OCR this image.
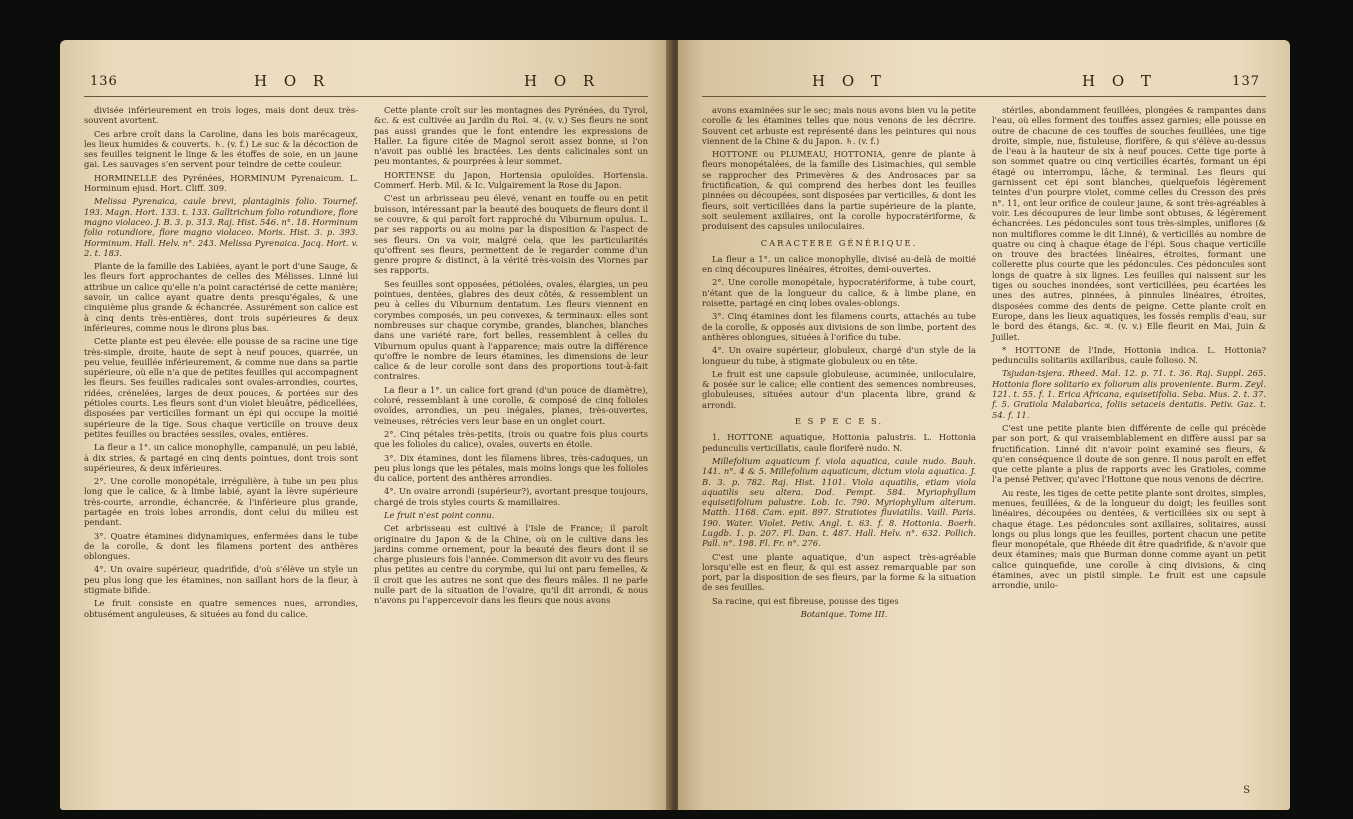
136	H O R	H O R

divisée inférieurement en trois loges, mais dont deux très-souvent avortent.

Ces arbre croît dans la Caroline, dans les bois marécageux, les lieux humides & couverts. ♄. (v. f.) Le suc & la décoction de ses feuilles teignent le linge & les étoffes de soie, en un jaune gai. Les sauvages s'en servent pour teindre de cette couleur.

HORMINELLE des Pyrénées, HORMINUM Pyrenaicum. L. Horminum ejusd. Hort. Cliff. 309.

Melissa Pyrenaica, caule brevi, plantaginis folio. Tournef. 193. Magn. Hort. 133. t. 133. Galltrichum folio rotundiore, flore magno violaceo. J. B. 3. p. 313. Raj. Hist. 546. n°. 18. Horminum folio rotundiore, flore magno violaceo. Moris. Hist. 3. p. 393. Horminum. Hall. Helv. n°. 243. Melissa Pyrenaica. Jacq. Hort. v. 2. t. 183.

Plante de la famille des Labiées, ayant le port d'une Sauge, & les fleurs fort approchantes de celles des Mélisses. Linné lui attribue un calice qu'elle n'a point caractérisé de cette manière; savoir, un calice ayant quatre dents presqu'égales, & une cinquième plus grande & échancrée. Assurément son calice est à cinq dents très-entières, dont trois supérieures & deux inférieures, comme nous le dirons plus bas.

Cette plante est peu élevée: elle pousse de sa racine une tige très-simple, droite, haute de sept à neuf pouces, quarrée, un peu velue, feuillée inférieurement, & comme nue dans sa partie supérieure, où elle n'a que de petites feuilles qui accompagnent les fleurs. Ses feuilles radicales sont ovales-arrondies, courtes, ridées, crénelées, larges de deux pouces, & portées sur des pétioles courts. Les fleurs sont d'un violet bleuâtre, pédicellées, disposées par verticilles formant un épi qui occupe la moitié supérieure de la tige. Sous chaque verticille on trouve deux petites feuilles ou bractées sessiles, ovales, entières.

La fleur a 1°. un calice monophylle, campanulé, un peu labié, à dix stries, & partagé en cinq dents pointues, dont trois sont supérieures, & deux inférieures.

2°. Une corolle monopétale, irrégulière, à tube un peu plus long que le calice, & à limbe labié, ayant la lèvre supérieure très-courte, arrondie, échancrée, & l'inférieure plus grande, partagée en trois lobes arrondis, dont celui du milieu est pendant.

3°. Quatre étamines didynamiques, enfermées dans le tube de la corolle, & dont les filamens portent des anthères oblongues.

4°. Un ovaire supérieur, quadrifide, d'où s'élève un style un peu plus long que les étamines, non saillant hors de la fleur, à stigmate bifide.

Le fruit consiste en quatre semences nues, arrondies, obtusément anguleuses, & situées au fond du calice.

Cette plante croît sur les montagnes des Pyrénées, du Tyrol, &c. & est cultivée au Jardin du Roi. ♃. (v. v.) Ses fleurs ne sont pas aussi grandes que le font entendre les expressions de Haller. La figure citée de Magnol seroit assez bonne, si l'on n'avoit pas oublié les bractées. Les dents calicinales sont un peu montantes, & pourprées à leur sommet.

HORTENSE du Japon, Hortensia opuloïdes. Hortensia. Commerf. Herb. Mil. & Ic. Vulgairement la Rose du Japon.

C'est un arbrisseau peu élevé, venant en touffe ou en petit buisson, intéressant par la beauté des bouquets de fleurs dont il se couvre, & qui paroît fort rapproché du Viburnum opulus. L. par ses rapports ou au moins par la disposition & l'aspect de ses fleurs. On va voir, malgré cela, que les particularités qu'offrent ses fleurs, permettent de le regarder comme d'un genre propre & distinct, à la vérité très-voisin des Viornes par ses rapports.

Ses feuilles sont opposées, pétiolées, ovales, élargies, un peu pointues, dentées, glabres des deux côtés, & ressemblent un peu à celles du Viburnum dentatum. Les fleurs viennent en corymbes composés, un peu convexes, & terminaux: elles sont nombreuses sur chaque corymbe, grandes, blanches, blanches dans une variété rare, fort belles, ressemblent à celles du Viburnum opulus quant à l'apparence; mais outre la différence qu'offre le nombre de leurs étamines, les dimensions de leur calice & de leur corolle sont dans des proportions tout-à-fait contraires.

La fleur a 1°. un calice fort grand (d'un pouce de diamètre), coloré, ressemblant à une corolle, & composé de cinq folioles ovoïdes, arrondies, un peu inégales, planes, très-ouvertes, veineuses, rétrécies vers leur base en un onglet court.

2°. Cinq pétales très-petits, (trois ou quatre fois plus courts que les folioles du calice), ovales, ouverts en étoile.

3°. Dix étamines, dont les filamens libres, très-caduques, un peu plus longs que les pétales, mais moins longs que les folioles du calice, portent des anthères arrondies.

4°. Un ovaire arrondi (supérieur?), avortant presque toujours, chargé de trois styles courts & mamillaires.

Le fruit n'est point connu.

Cet arbrisseau est cultivé à l'Isle de France; il paroît originaire du Japon & de la Chine, où on le cultive dans les jardins comme ornement, pour la beauté des fleurs dont il se charge plusieurs fois l'année. Commerson dit avoir vu des fleurs plus petites au centre du corymbe, qui lui ont paru femelles, & il croit que les autres ne sont que des fleurs mâles. Il ne parle nulle part de la situation de l'ovaire, qu'il dit arrondi, & nous n'avons pu l'appercevoir dans les fleurs que nous avons

H O T	H O T	137

avons examinées sur le sec; mais nous avons bien vu la petite corolle & les étamines telles que nous venons de les décrire. Souvent cet arbuste est représenté dans les peintures qui nous viennent de la Chine & du Japon. ♄. (v. f.)

HOTTONE ou PLUMEAU, HOTTONIA, genre de plante à fleurs monopétalées, de la famille des Lisimachies, qui semble se rapprocher des Primevères & des Androsaces par sa fructification, & qui comprend des herbes dont les feuilles pinnées ou découpées, sont disposées par verticilles, & dont les fleurs, soit verticillées dans la partie supérieure de la plante, soit seulement axillaires, ont la corolle hypocratériforme, & produisent des capsules uniloculaires.

CARACTERE GÉNÉRIQUE.

La fleur a 1°. un calice monophylle, divisé au-delà de moitié en cinq découpures linéaires, étroites, demi-ouvertes.

2°. Une corolle monopétale, hypocratériforme, à tube court, n'étant que de la longueur du calice, & à limbe plane, en roisette, partagé en cinq lobes ovales-oblongs.

3°. Cinq étamines dont les filamens courts, attachés au tube de la corolle, & opposés aux divisions de son limbe, portent des anthères oblongues, situées à l'orifice du tube.

4°. Un ovaire supérieur, globuleux, chargé d'un style de la longueur du tube, à stigmate globuleux ou en tête.

Le fruit est une capsule globuleuse, acuminée, uniloculaire, & posée sur le calice; elle contient des semences nombreuses, globuleuses, situées autour d'un placenta libre, grand & arrondi.

E S P E C E S.

1. HOTTONE aquatique, Hottonia palustris. L. Hottonia pedunculis verticillatis, caule floriferé nudo. N.

Millefolium aquaticum f. viola aquatica, caule nudo. Bauh. 141. n°. 4 & 5. Millefolium aquaticum, dictum viola aquatica. J. B. 3. p. 782. Raj. Hist. 1101. Viola aquatilis, etiam viola aquatilis seu altera. Dod. Pempt. 584. Myriophyllum equisetifolium palustre. Lob. Ic. 790. Myriophyllum alterum. Matth. 1168. Cam. epit. 897. Stratiotes fluviatilis. Vaill. Paris. 190. Water. Violet. Petiv. Angl. t. 63. f. 8. Hottonia. Boerh. Lugdb. 1. p. 207. Fl. Dan. t. 487. Hall. Helv. n°. 632. Pollich. Pall. n°. 198. Fl. Fr. n°. 276.

C'est une plante aquatique, d'un aspect très-agréable lorsqu'elle est en fleur, & qui est assez remarquable par son port, par la disposition de ses fleurs, par la forme & la situation de ses feuilles.

Sa racine, qui est fibreuse, pousse des tiges

Botanique. Tome III.

stériles, abondamment feuillées, plongées & rampantes dans l'eau, où elles forment des touffes assez garnies; elle pousse en outre de chacune de ces touffes de souches feuillées, une tige droite, simple, nue, fistuleuse, florifère, & qui s'élève au-dessus de l'eau à la hauteur de six à neuf pouces. Cette tige porte à son sommet quatre ou cinq verticilles écartés, formant un épi étagé ou interrompu, lâche, & terminal. Les fleurs qui garnissent cet épi sont blanches, quelquefois légèrement teintes d'un pourpre violet, comme celles du Cresson des prés n°. 11, ont leur orifice de couleur jaune, & sont très-agréables à voir. Les découpures de leur limbe sont obtuses, & légèrement échancrées. Les pédoncules sont tous très-simples, uniflores (& non multiflores comme le dit Linné), & verticillés au nombre de quatre ou cinq à chaque étage de l'épi. Sous chaque verticille on trouve des bractées linéaires, étroites, formant une collerette plus courte que les pédoncules. Ces pédoncules sont longs de quatre à six lignes. Les feuilles qui naissent sur les tiges ou souches inondées, sont verticillées, peu écartées les unes des autres, pinnées, à pinnules linéaires, étroites, disposées comme des dents de peigne. Cette plante croît en Europe, dans les lieux aquatiques, les fossés remplis d'eau, sur le bord des étangs, &c. ♃. (v. v.) Elle fleurit en Mai, Juin & Juillet.

* HOTTONE de l'Inde, Hottonia indica. L. Hottonia? pedunculis solitariis axillaribus, caule folioso. N.

Tsjudan-tsjera. Rheed. Mal. 12. p. 71. t. 36. Raj. Suppl. 265. Hottonia flore solitario ex foliorum alis proveniente. Burm. Zeyl. 121. t. 55. f. 1. Erica Africana, equisetifolia. Seba. Mus. 2. t. 37. f. 5. Gratiola Malabarica, foliis setaceis dentatis. Petiv. Gaz. t. 54. f. 11.

C'est une petite plante bien différente de celle qui précède par son port, & qui vraisemblablement en diffère aussi par sa fructification. Linné dit n'avoir point examiné ses fleurs, & qu'en conséquence il doute de son genre. Il nous paroît en effet que cette plante a plus de rapports avec les Gratioles, comme l'a pensé Petiver, qu'avec l'Hottone que nous venons de décrire.

Au reste, les tiges de cette petite plante sont droites, simples, menues, feuillées, & de la longueur du doigt; les feuilles sont linéaires, découpées ou dentées, & verticillées six ou sept à chaque étage. Les pédoncules sont axillaires, solitaires, aussi longs ou plus longs que les feuilles, portent chacun une petite fleur monopétale, que Rhéede dit être quadrifide, & n'avoir que deux étamines; mais que Burman donne comme ayant un petit calice quinquefide, une corolle à cinq divisions, & cinq étamines, avec un pistil simple. Le fruit est une capsule arrondie, unilo-

S
